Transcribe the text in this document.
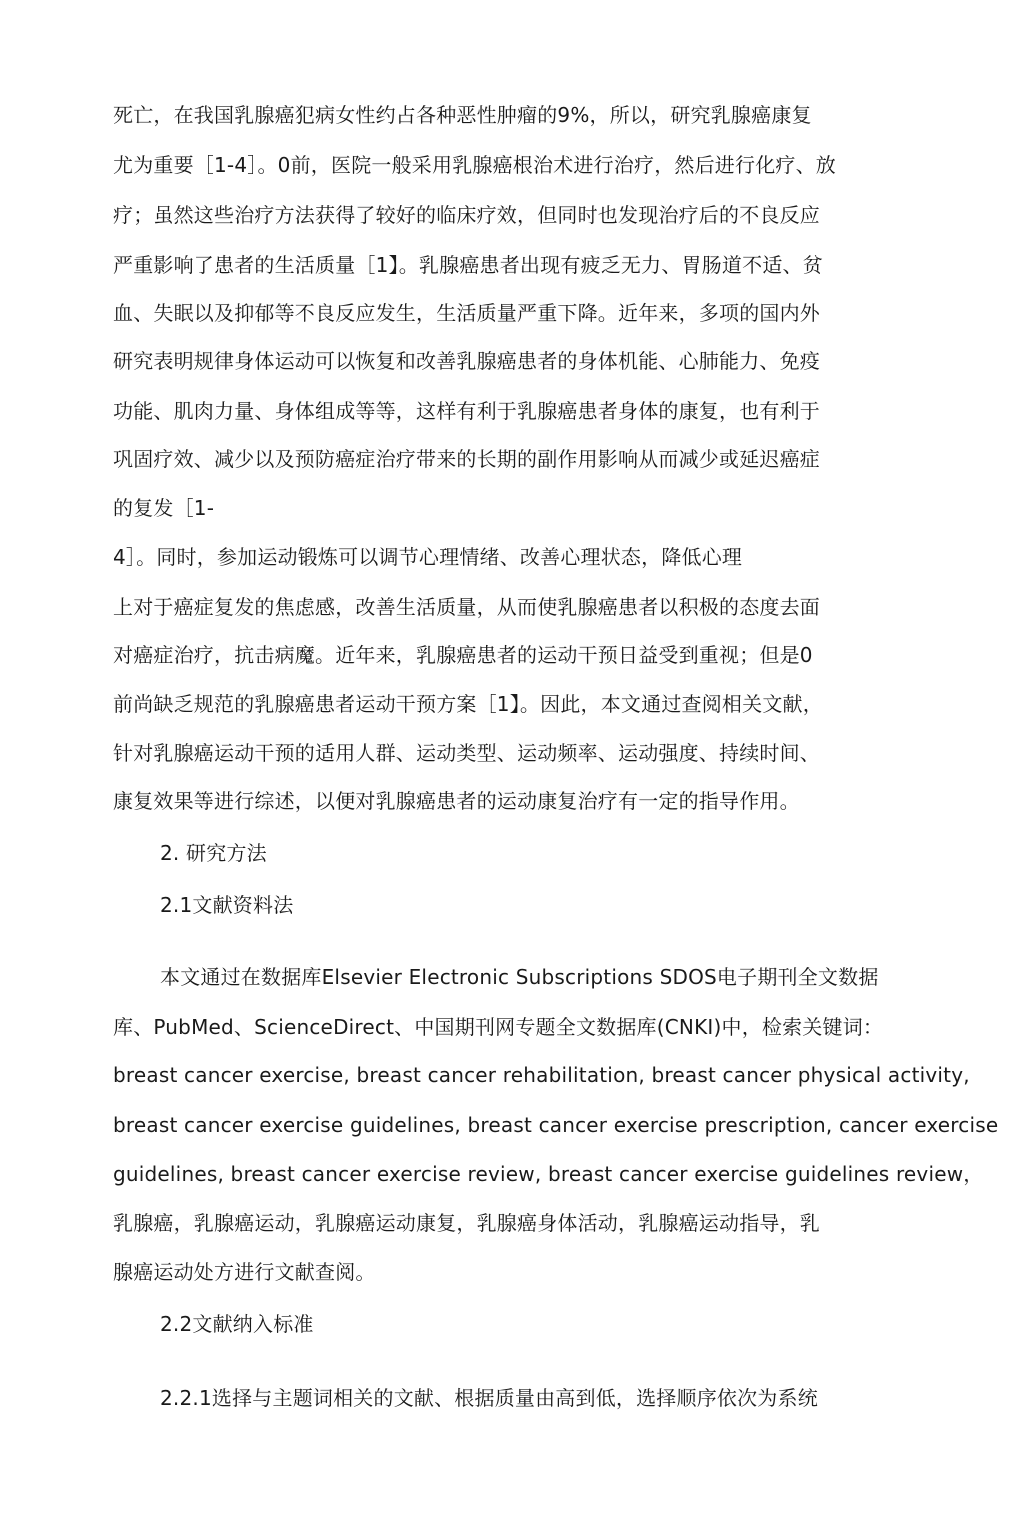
死亡，在我国乳腺癌犯病女性约占各种恶性肿瘤的9%，所以，研究乳腺癌康复
尤为重要［1-4］。0前，医院一般采用乳腺癌根治术进行治疗，然后进行化疗、放
疗；虽然这些治疗方法获得了较好的临床疗效，但同时也发现治疗后的不良反应
严重影响了患者的生活质量［1】。乳腺癌患者出现有疲乏无力、胃肠道不适、贫
血、失眠以及抑郁等不良反应发生，生活质量严重下降。近年来，多项的国内外
研究表明规律身体运动可以恢复和改善乳腺癌患者的身体机能、心肺能力、免疫
功能、肌肉力量、身体组成等等，这样有利于乳腺癌患者身体的康复，也有利于
巩固疗效、减少以及预防癌症治疗带来的长期的副作用影响从而减少或延迟癌症
的复发［1-
4］。同时，参加运动锻炼可以调节心理情绪、改善心理状态，降低心理
上对于癌症复发的焦虑感，改善生活质量，从而使乳腺癌患者以积极的态度去面
对癌症治疗，抗击病魔。近年来，乳腺癌患者的运动干预日益受到重视；但是0
前尚缺乏规范的乳腺癌患者运动干预方案［1】。因此，本文通过查阅相关文献，
针对乳腺癌运动干预的适用人群、运动类型、运动频率、运动强度、持续时间、
康复效果等进行综述，以便对乳腺癌患者的运动康复治疗有一定的指导作用。
2. 研究方法
2.1文献资料法
本文通过在数据库Elsevier Electronic Subscriptions SDOS电子期刊全文数据
库、PubMed、ScienceDirect、中国期刊网专题全文数据库(CNKI)中，检索关键词：
breast cancer exercise, breast cancer rehabilitation, breast cancer physical activity,
breast cancer exercise guidelines, breast cancer exercise prescription, cancer exercise
guidelines, breast cancer exercise review, breast cancer exercise guidelines review，
乳腺癌，乳腺癌运动，乳腺癌运动康复，乳腺癌身体活动，乳腺癌运动指导，乳
腺癌运动处方进行文献查阅。
2.2文献纳入标准
2.2.1选择与主题词相关的文献、根据质量由高到低，选择顺序依次为系统
